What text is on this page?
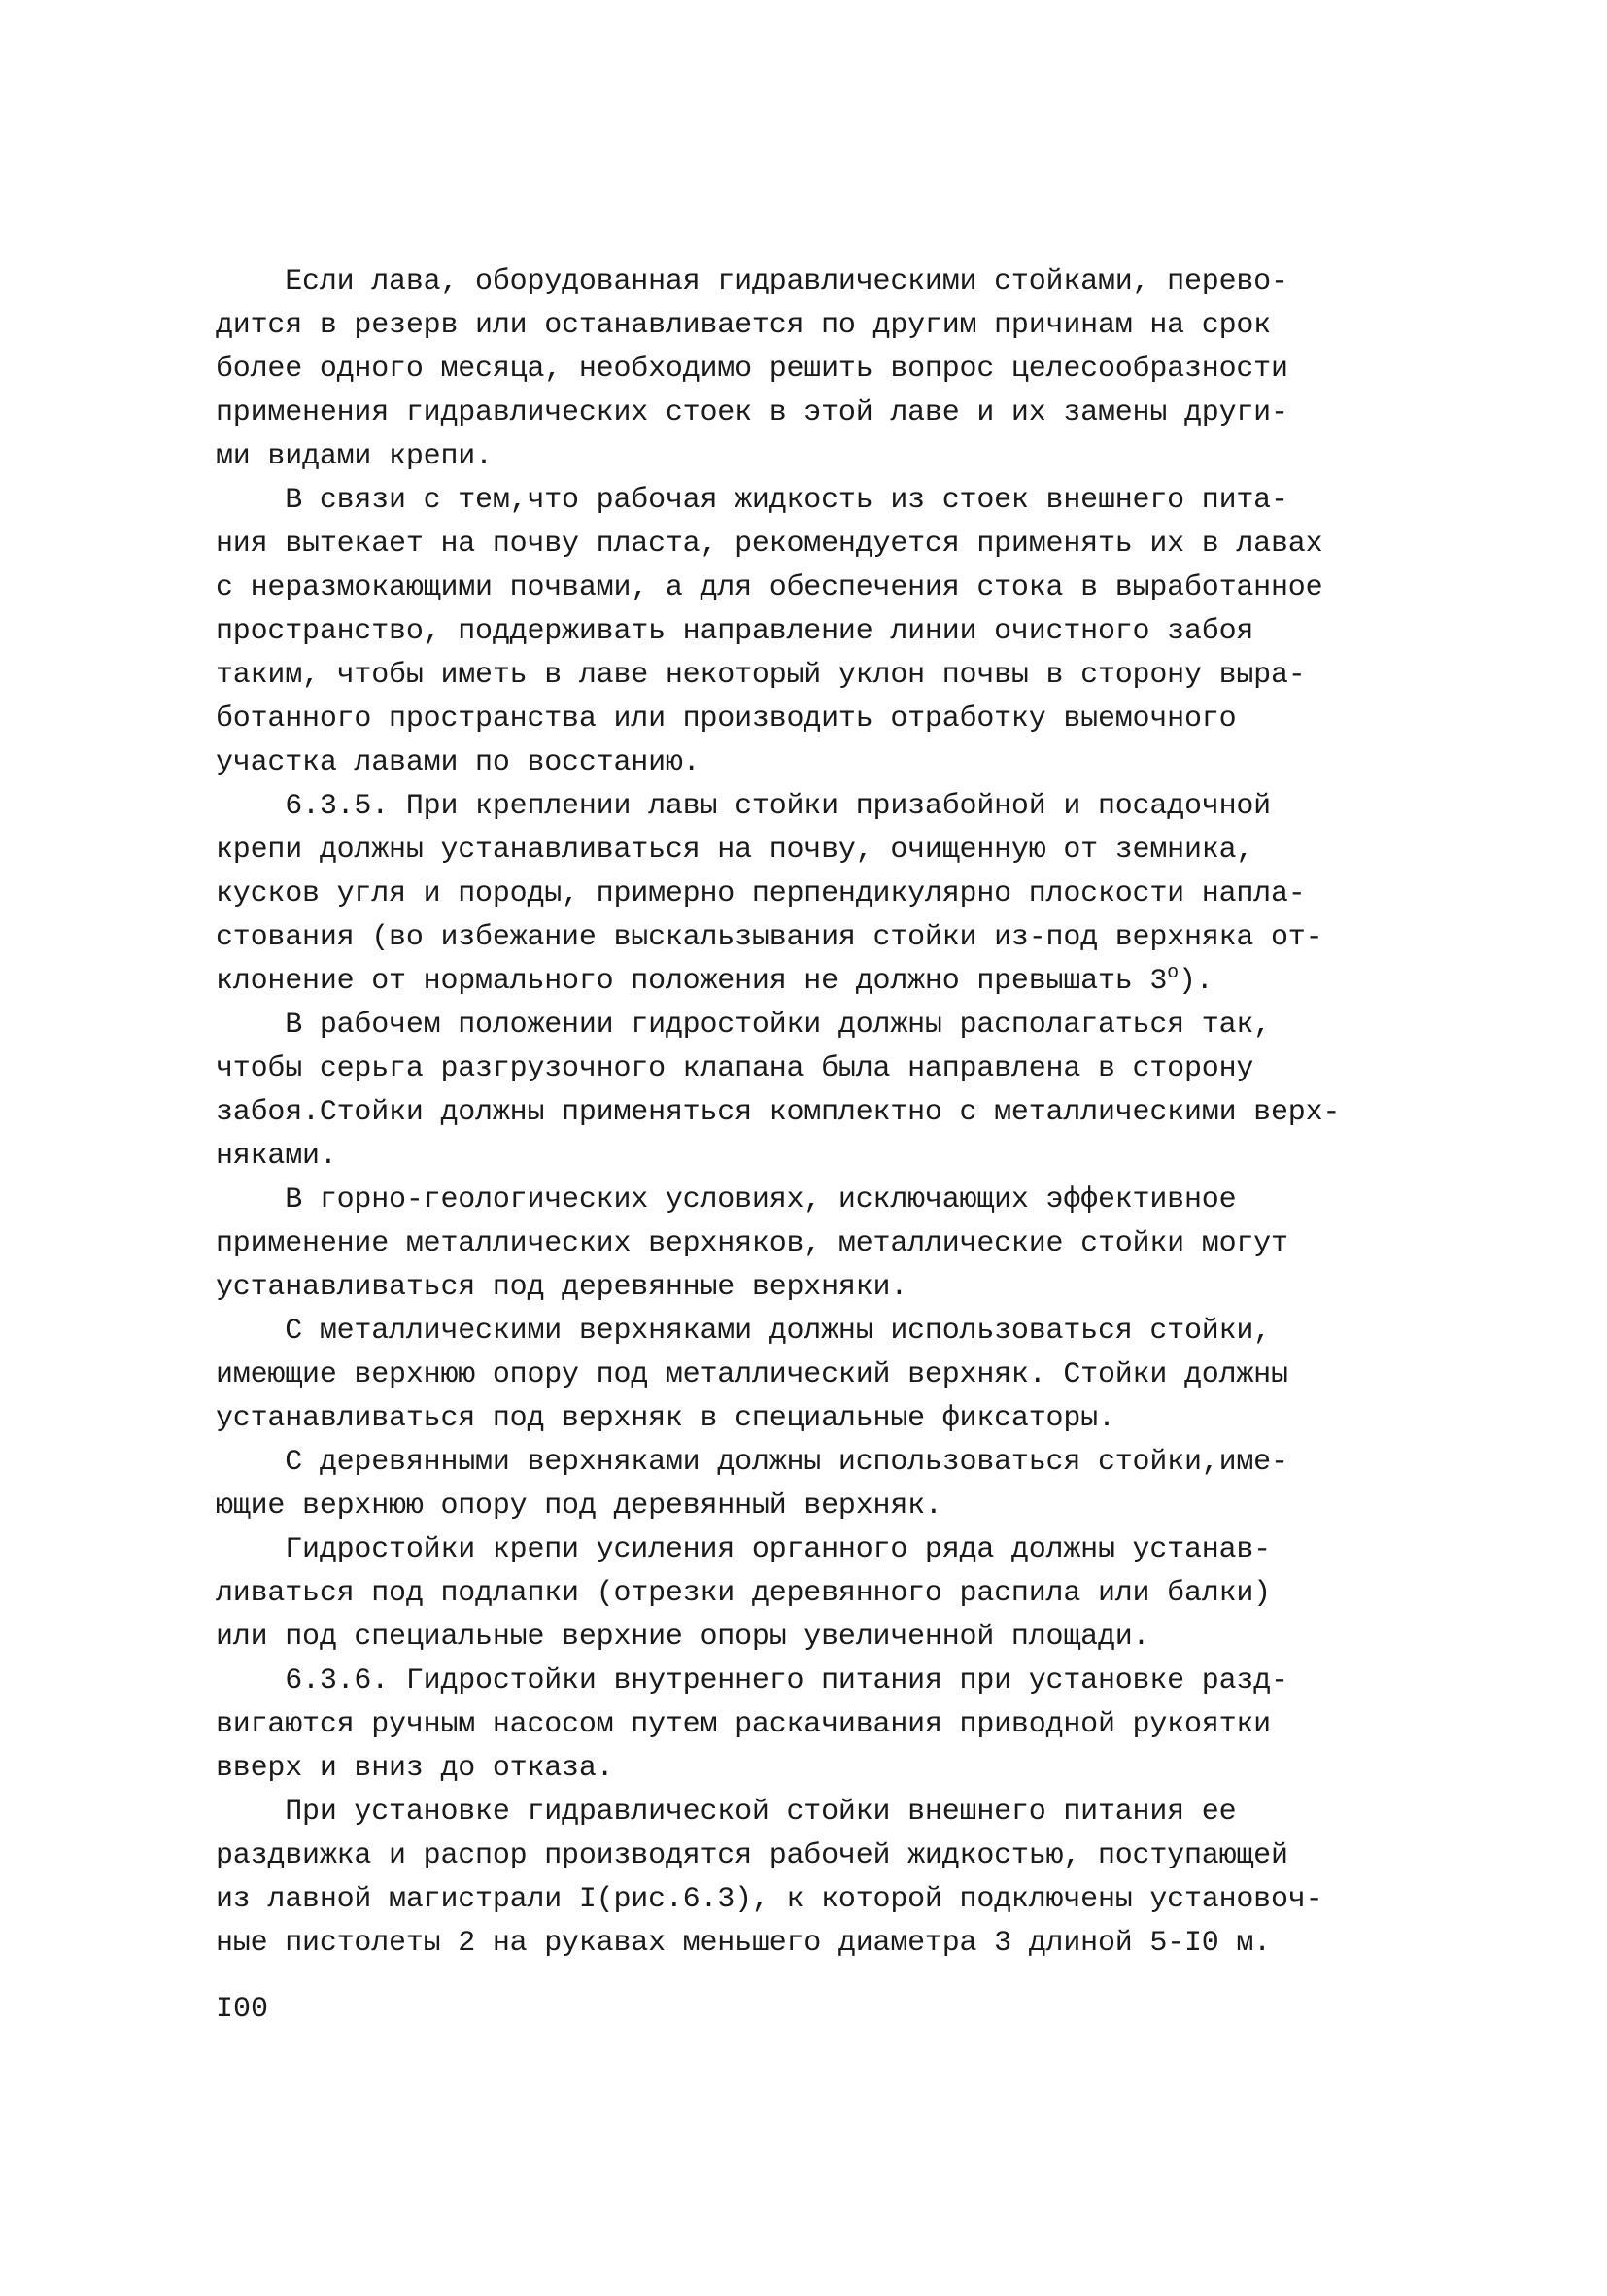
Если лава, оборудованная гидравлическими стойками, перево-
дится в резерв или останавливается по другим причинам на срок
более одного месяца, необходимо решить вопрос целесообразности
применения гидравлических стоек в этой лаве и их замены други-
ми видами крепи.
В связи с тем,что рабочая жидкость из стоек внешнего пита-
ния вытекает на почву пласта, рекомендуется применять их в лавах
с неразмокающими почвами, а для обеспечения стока в выработанное
пространство, поддерживать направление линии очистного забоя
таким, чтобы иметь в лаве некоторый уклон почвы в сторону выра-
ботанного пространства или производить отработку выемочного
участка лавами по восстанию.
6.3.5. При креплении лавы стойки призабойной и посадочной
крепи должны устанавливаться на почву, очищенную от земника,
кусков угля и породы, примерно перпендикулярно плоскости напла-
стования (во избежание выскальзывания стойки из-под верхняка от-
клонение от нормального положения не должно превышать $3^о$).
В рабочем положении гидростойки должны располагаться так,
чтобы серьга разгрузочного клапана была направлена в сторону
забоя.Стойки должны применяться комплектно с металлическими верх-
няками.
В горно-геологических условиях, исключающих эффективное
применение металлических верхняков, металлические стойки могут
устанавливаться под деревянные верхняки.
С металлическими верхняками должны использоваться стойки,
имеющие верхнюю опору под металлический верхняк. Стойки должны
устанавливаться под верхняк в специальные фиксаторы.
С деревянными верхняками должны использоваться стойки,име-
ющие верхнюю опору под деревянный верхняк.
Гидростойки крепи усиления органного ряда должны устанав-
ливаться под подлапки (отрезки деревянного распила или балки)
или под специальные верхние опоры увеличенной площади.
6.3.6. Гидростойки внутреннего питания при установке разд-
вигаются ручным насосом путем раскачивания приводной рукоятки
вверх и вниз до отказа.
При установке гидравлической стойки внешнего питания ее
раздвижка и распор производятся рабочей жидкостью, поступающей
из лавной магистрали I(рис.6.3), к которой подключены установоч-
ные пистолеты 2 на рукавах меньшего диаметра 3 длиной 5-I0 м.
I00
